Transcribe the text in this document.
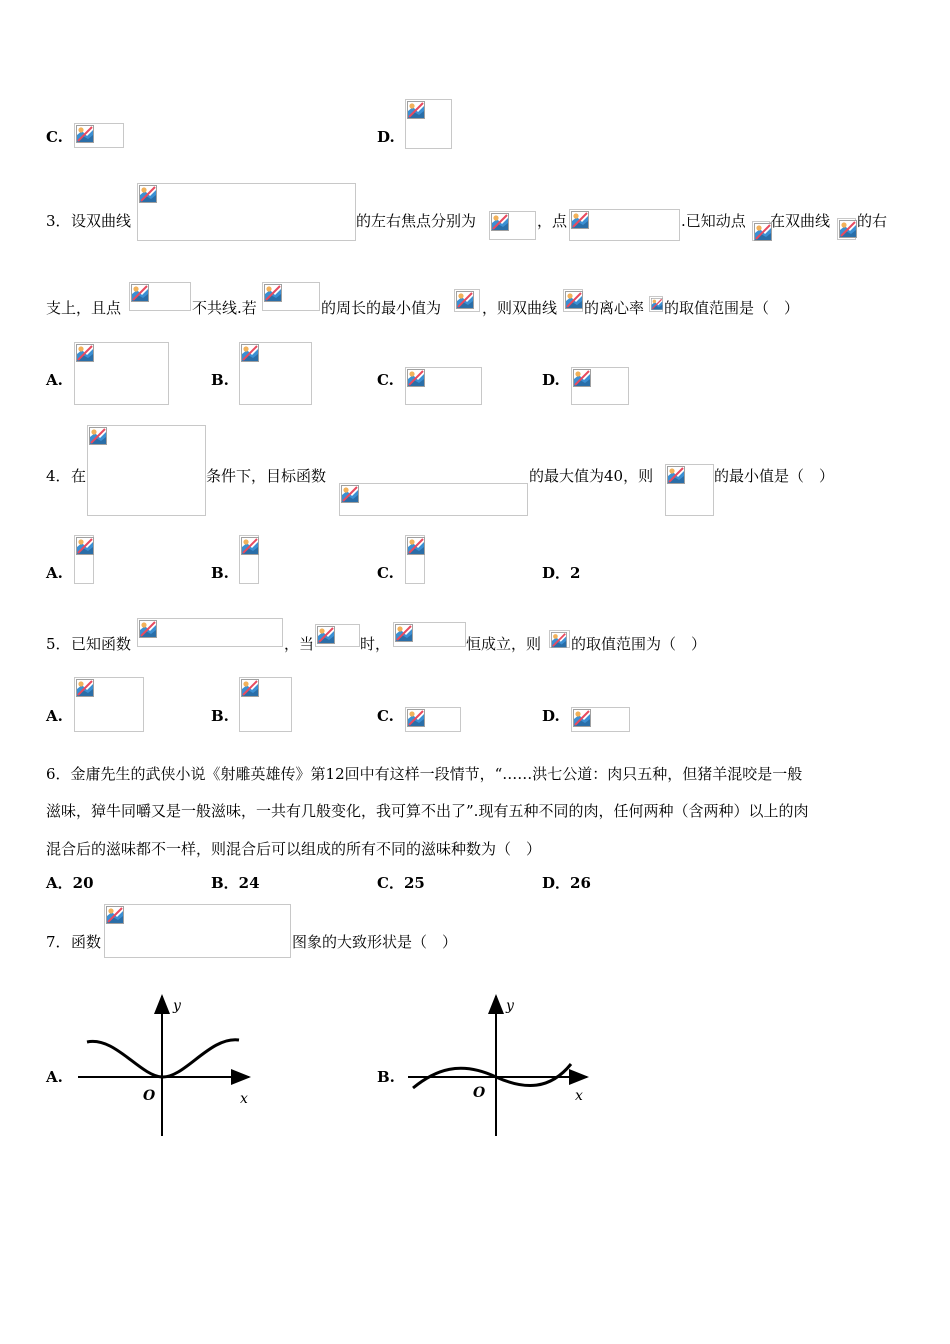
C.	D.
3． 设双曲线	的左右焦点分别为	，点	.已知动点 在双曲线 的右
支上，且点	不共线.若	的周长的最小值为	，则双曲线 的离心率 的取值范围是（　）
A.	B.	C.	D.
4． 在	条件下，目标函数	的最大值为40，则	的最小值是（　）
A.	B.	C.	D．2
5． 已知函数	，当	时，	恒成立，则 的取值范围为（　）
A.	B.	C.	D.
6．金庸先生的武侠小说《射雕英雄传》第12回中有这样一段情节，“……洪七公道：肉只五种，但猪羊混咬是一般
滋味，獐牛同嚼又是一般滋味，一共有几般变化，我可算不出了”.现有五种不同的肉，任何两种（含两种）以上的肉
混合后的滋味都不一样，则混合后可以组成的所有不同的滋味种数为（　）
A．20	B．24	C．25	D．26
7． 函数	图象的大致形状是（　）
A.
y
x
O
B.
y
x
O
